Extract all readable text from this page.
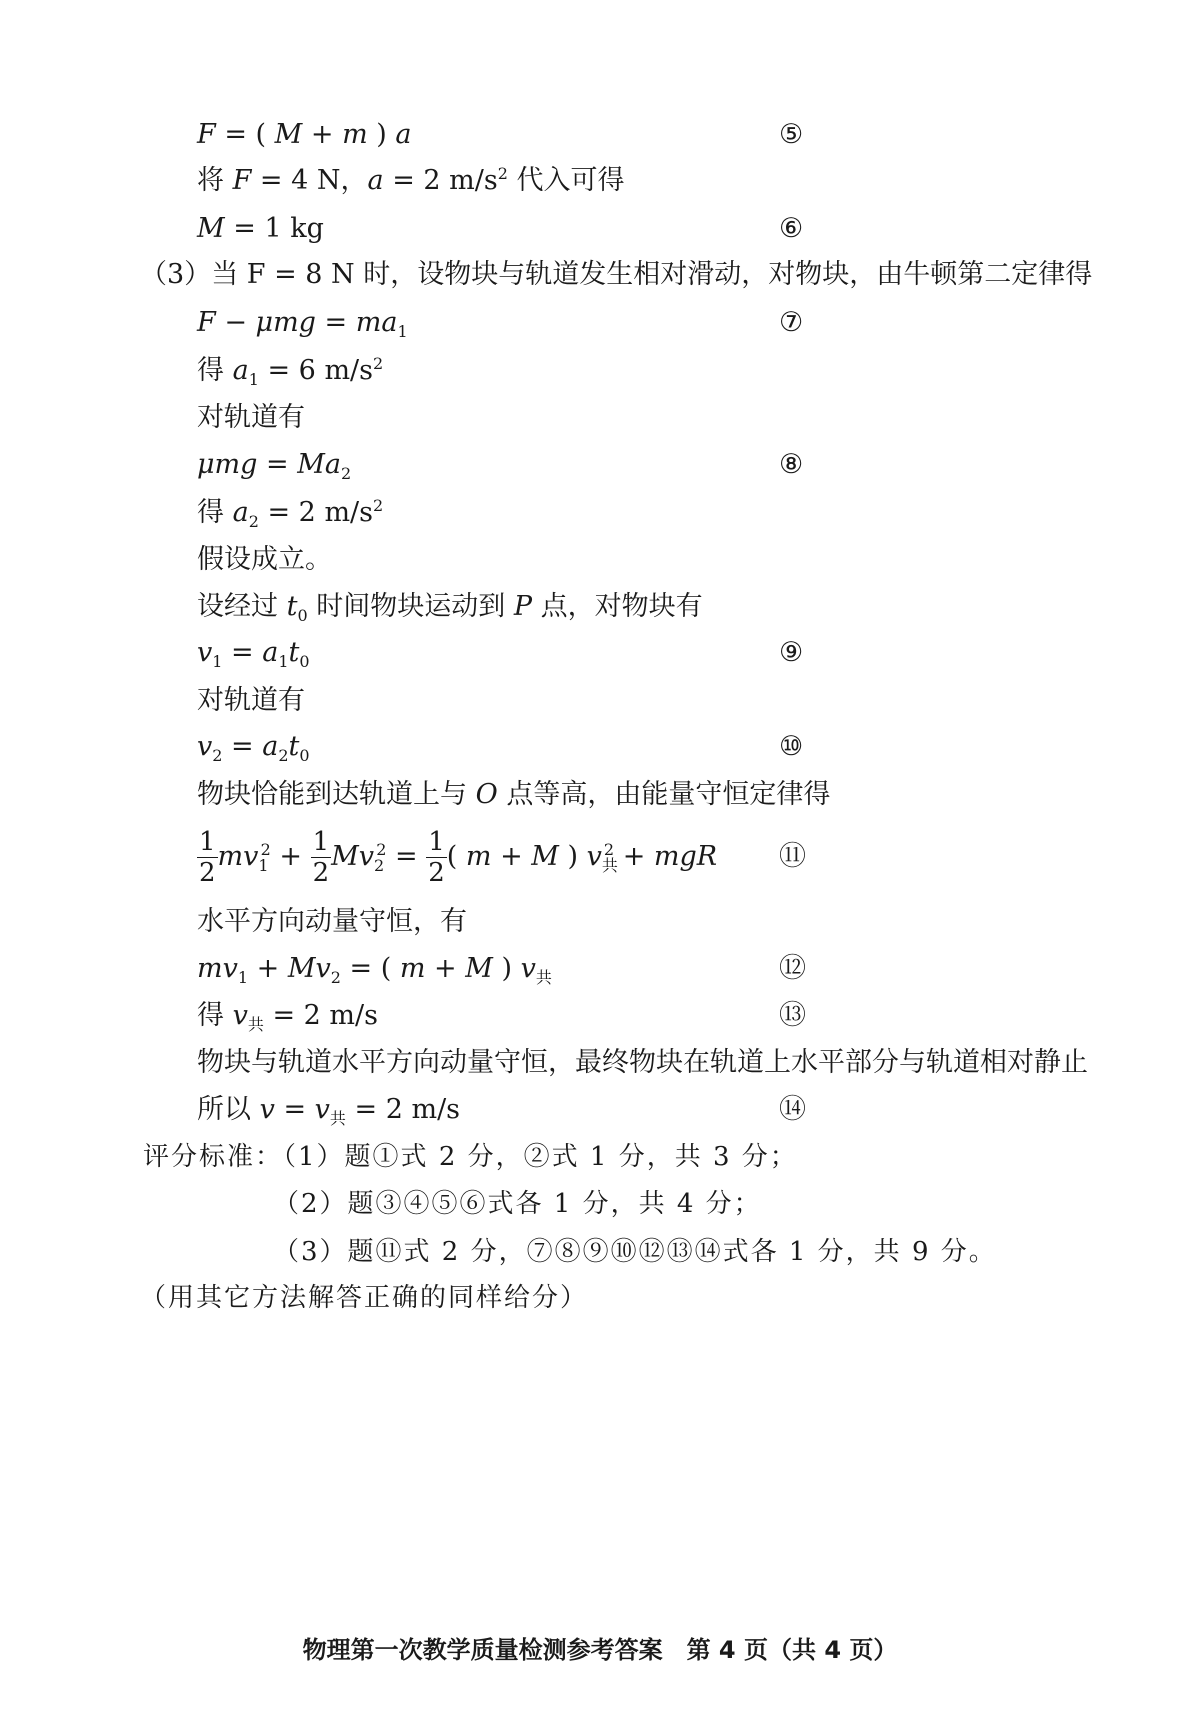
F = ( M + m ) a	⑤
将 F = 4 N，a = 2 $m/s^2$ 代入可得
M = 1 kg	⑥
（3）当 F = 8 N 时，设物块与轨道发生相对滑动，对物块，由牛顿第二定律得
$F - \mu mg = ma_1$	⑦
得 $a_1 = 6$ $m/s^2$
对轨道有
$\mu mg = Ma_2$	⑧
得 $a_2 = 2$ $m/s^2$
假设成立。
设经过 $t_0$ 时间物块运动到 P 点，对物块有
$v_1 = a_1t_0$	⑨
对轨道有
$v_2 = a_2t_0$	⑩
物块恰能到达轨道上与 O 点等高，由能量守恒定律得
$\frac{1}{2} mv_1^2 + \frac{1}{2} Mv_2^2 = \frac{1}{2}$ ( m + M ) $v_共^2$ + mgR ⑪
水平方向动量守恒，有
$mv_1 + Mv_2$ = ( m + M ) $v_共$	⑫
得 $v_共 = 2$ m/s	⑬
物块与轨道水平方向动量守恒，最终物块在轨道上水平部分与轨道相对静止
所以 $v = v_共 = 2$ m/s	⑭
评分标准：（1）题①式 2 分，②式 1 分，共 3 分；
（2）题③④⑤⑥式各 1 分，共 4 分；
（3）题⑪式 2 分，⑦⑧⑨⑩⑫⑬⑭式各 1 分，共 9 分。
（用其它方法解答正确的同样给分）
物理第一次教学质量检测参考答案　第 4 页（共 4 页）
